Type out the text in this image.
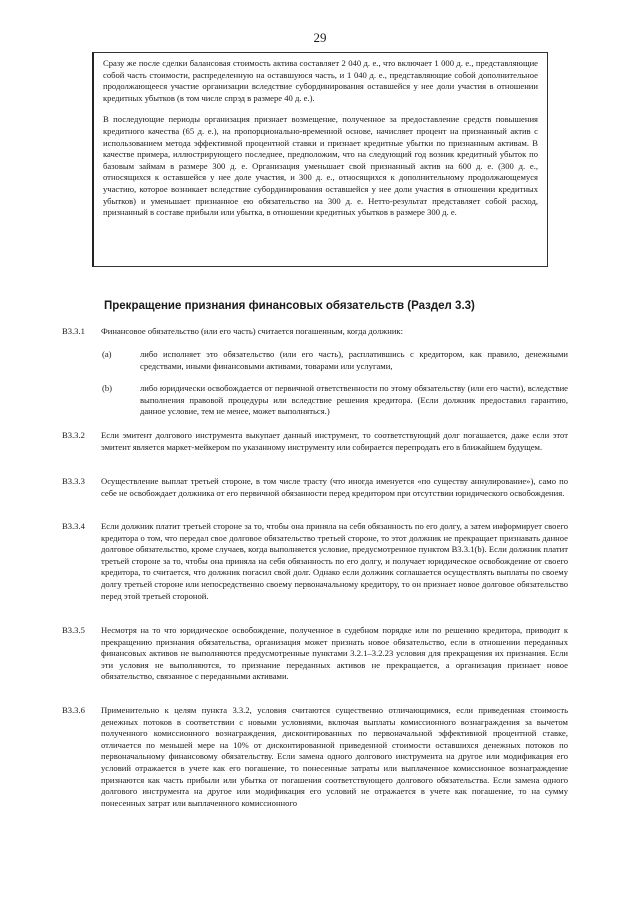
29

Сразу же после сделки балансовая стоимость актива составляет 2 040 д. е., что включает 1 000 д. е., представляющие собой часть стоимости, распределенную на оставшуюся часть, и 1 040 д. е., представляющие собой дополнительное продолжающееся участие организации вследствие субординирования оставшейся у нее доли участия в отношении кредитных убытков (в том числе спрэд в размере 40 д. е.).

В последующие периоды организация признает возмещение, полученное за предоставление средств повышения кредитного качества (65 д. е.), на пропорционально-временной основе, начисляет процент на признанный актив с использованием метода эффективной процентной ставки и признает кредитные убытки по признанным активам. В качестве примера, иллюстрирующего последнее, предположим, что на следующий год возник кредитный убыток по базовым займам в размере 300 д. е. Организация уменьшает свой признанный актив на 600 д. е. (300 д. е., относящихся к оставшейся у нее доле участия, и 300 д. е., относящихся к дополнительному продолжающемуся участию, которое возникает вследствие субординирования оставшейся у нее доли участия в отношении кредитных убытков) и уменьшает признанное ею обязательство на 300 д. е. Нетто-результат представляет собой расход, признанный в составе прибыли или убытка, в отношении кредитных убытков в размере 300 д. е.

Прекращение признания финансовых обязательств (Раздел 3.3)
B3.3.1	Финансовое обязательство (или его часть) считается погашенным, когда должник:
(a)	либо исполняет это обязательство (или его часть), расплатившись с кредитором, как правило, денежными средствами, иными финансовыми активами, товарами или услугами,
(b)	либо юридически освобождается от первичной ответственности по этому обязательству (или его части), вследствие выполнения правовой процедуры или вследствие решения кредитора. (Если должник предоставил гарантию, данное условие, тем не менее, может выполняться.)
B3.3.2	Если эмитент долгового инструмента выкупает данный инструмент, то соответствующий долг погашается, даже если этот эмитент является маркет-мейкером по указанному инструменту или собирается перепродать его в ближайшем будущем.
B3.3.3	Осуществление выплат третьей стороне, в том числе трасту (что иногда именуется «по существу аннулирование»), само по себе не освобождает должника от его первичной обязанности перед кредитором при отсутствии юридического освобождения.
B3.3.4	Если должник платит третьей стороне за то, чтобы она приняла на себя обязанность по его долгу, а затем информирует своего кредитора о том, что передал свое долговое обязательство третьей стороне, то этот должник не прекращает признавать данное долговое обязательство, кроме случаев, когда выполняется условие, предусмотренное пунктом B3.3.1(b). Если должник платит третьей стороне за то, чтобы она приняла на себя обязанность по его долгу, и получает юридическое освобождение от своего кредитора, то считается, что должник погасил свой долг. Однако если должник соглашается осуществлять выплаты по своему долгу третьей стороне или непосредственно своему первоначальному кредитору, то он признает новое долговое обязательство перед этой третьей стороной.
B3.3.5	Несмотря на то что юридическое освобождение, полученное в судебном порядке или по решению кредитора, приводит к прекращению признания обязательства, организация может признать новое обязательство, если в отношении переданных финансовых активов не выполняются предусмотренные пунктами 3.2.1–3.2.23 условия для прекращения их признания. Если эти условия не выполняются, то признание переданных активов не прекращается, а организация признает новое обязательство, связанное с переданными активами.
B3.3.6	Применительно к целям пункта 3.3.2, условия считаются существенно отличающимися, если приведенная стоимость денежных потоков в соответствии с новыми условиями, включая выплаты комиссионного вознаграждения за вычетом полученного комиссионного вознаграждения, дисконтированных по первоначальной эффективной процентной ставке, отличается по меньшей мере на 10% от дисконтированной приведенной стоимости оставшихся денежных потоков по первоначальному финансовому обязательству. Если замена одного долгового инструмента на другое или модификация его условий отражается в учете как его погашение, то понесенные затраты или выплаченное комиссионное вознаграждение признаются как часть прибыли или убытка от погашения соответствующего долгового обязательства. Если замена одного долгового инструмента на другое или модификация его условий не отражается в учете как погашение, то на сумму понесенных затрат или выплаченного комиссионного
